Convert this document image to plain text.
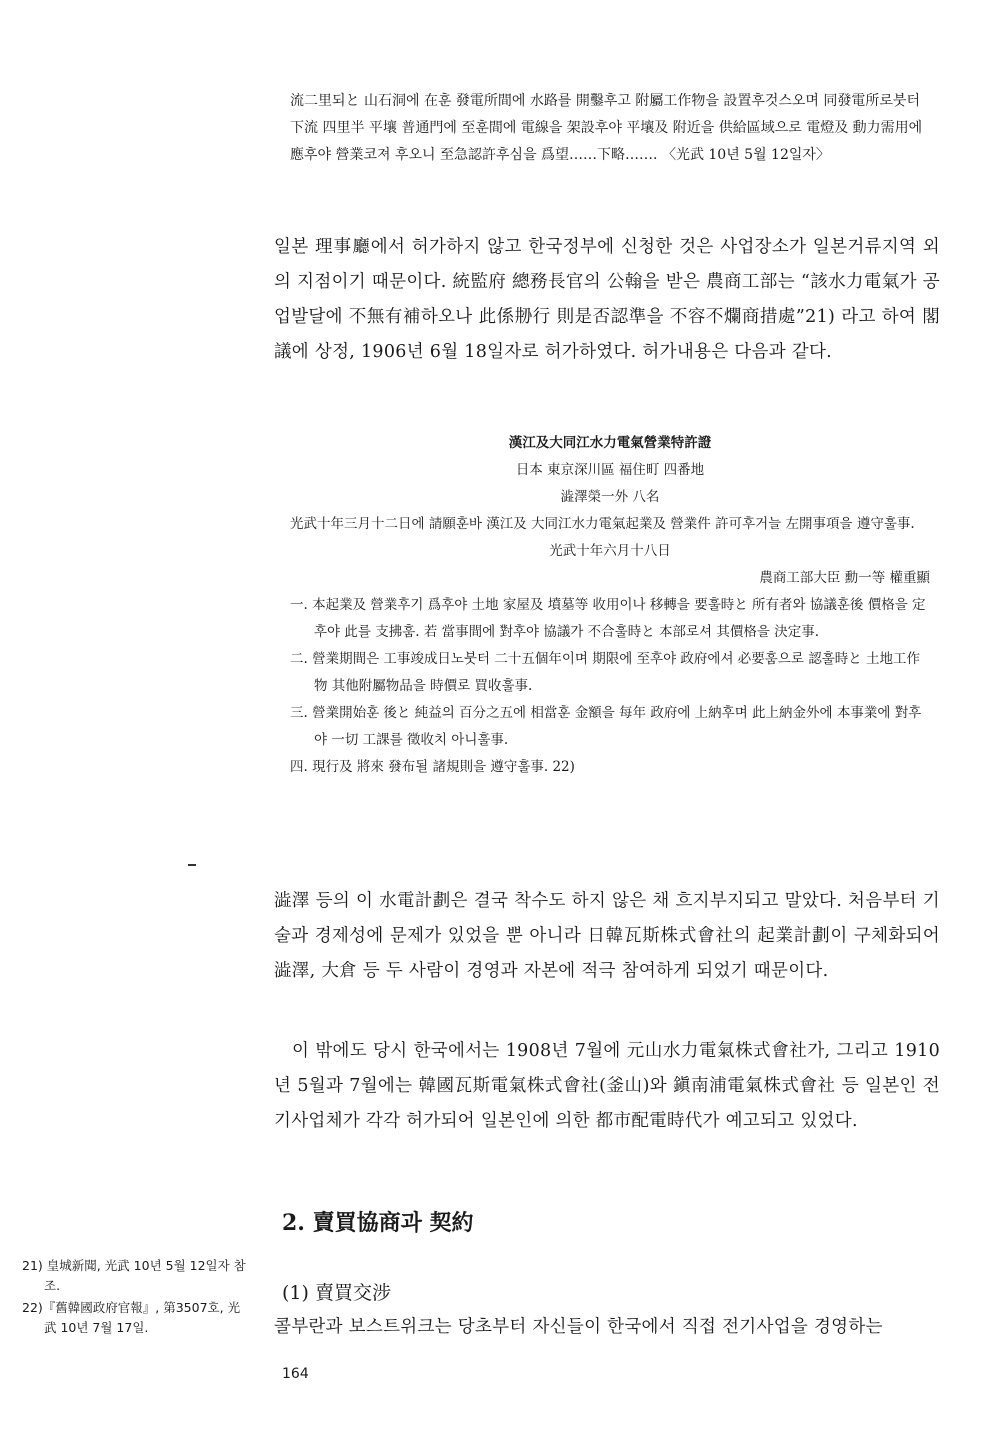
流二里되と 山石洞에 在훈 發電所間에 水路를 開鑿후고 附屬工作物을 設置후것스오며 同發電所로붓터 下流 四里半 平壤 普通門에 至훈間에 電線을 架設후야 平壤及 附近을 供給區域으로 電燈及 動力需用에 應후야 營業코져 후오니 至急認許후심을 爲望……下略……. 〈光武 10년 5월 12일자〉
일본 理事廳에서 허가하지 않고 한국정부에 신청한 것은 사업장소가 일본거류지역 외의 지점이기 때문이다. 統監府 總務長官의 公翰을 받은 農商工部는 “該水力電氣가 공업발달에 不無有補하오나 此係刱行 則是否認準을 不容不爛商措處”21) 라고 하여 閣議에 상정, 1906년 6월 18일자로 허가하였다. 허가내용은 다음과 같다.
漢江及大同江水力電氣營業特許證
日本 東京深川區 福住町 四番地
澁澤榮一外 八名
光武十年三月十二日에 請願훈바 漢江及 大同江水力電氣起業及 營業件 許可후거늘 左開事項을 遵守훌事.
光武十年六月十八日
農商工部大臣 勳一等 權重顯
一. 本起業及 營業후기 爲후야 土地 家屋及 墳墓等 收用이나 移轉을 要훌時と 所有者와 協議훈後 價格을 定후야 此를 支拂훔. 若 當事間에 對후야 協議가 不合훌時と 本部로셔 其價格을 決定事.
二. 營業期間은 工事竣成日노붓터 二十五個年이며 期限에 至후야 政府에셔 必要훔으로 認훌時と 土地工作物 其他附屬物品을 時價로 買收훌事.
三. 營業開始훈 後と 純益의 百分之五에 相當훈 金額을 每年 政府에 上納후며 此上納金外에 本事業에 對후야 一切 工課를 徵收치 아니훌事.
四. 現行及 將來 發布될 諸規則을 遵守훌事. 22)
澁澤 등의 이 水電計劃은 결국 착수도 하지 않은 채 흐지부지되고 말았다. 처음부터 기술과 경제성에 문제가 있었을 뿐 아니라 日韓瓦斯株式會社의 起業計劃이 구체화되어 澁澤, 大倉 등 두 사람이 경영과 자본에 적극 참여하게 되었기 때문이다.
이 밖에도 당시 한국에서는 1908년 7월에 元山水力電氣株式會社가, 그리고 1910년 5월과 7월에는 韓國瓦斯電氣株式會社(釜山)와 鎭南浦電氣株式會社 등 일본인 전기사업체가 각각 허가되어 일본인에 의한 都市配電時代가 예고되고 있었다.
2. 賣買協商과 契約
(1) 賣買交涉
콜부란과 보스트위크는 당초부터 자신들이 한국에서 직접 전기사업을 경영하는
21) 皇城新聞, 光武 10년 5월 12일자 참조.
22)『舊韓國政府官報』, 第3507호, 光武 10년 7월 17일.
164
